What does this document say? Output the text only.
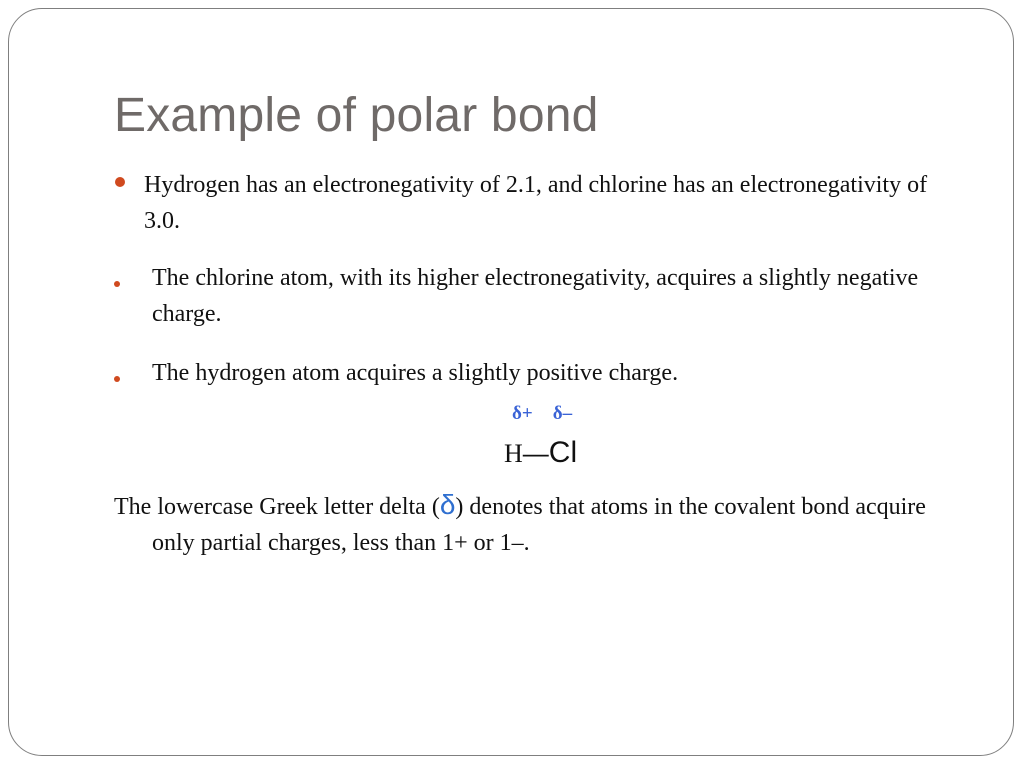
Example of polar bond
Hydrogen has an electronegativity of 2.1, and chlorine has an electronegativity of 3.0.
The chlorine atom, with its higher electronegativity, acquires a slightly negative charge.
The hydrogen atom acquires a slightly positive charge.
δ+ δ–
H—Cl
The lowercase Greek letter delta (δ) denotes that atoms in the covalent bond acquire only partial charges, less than 1+ or 1–.
